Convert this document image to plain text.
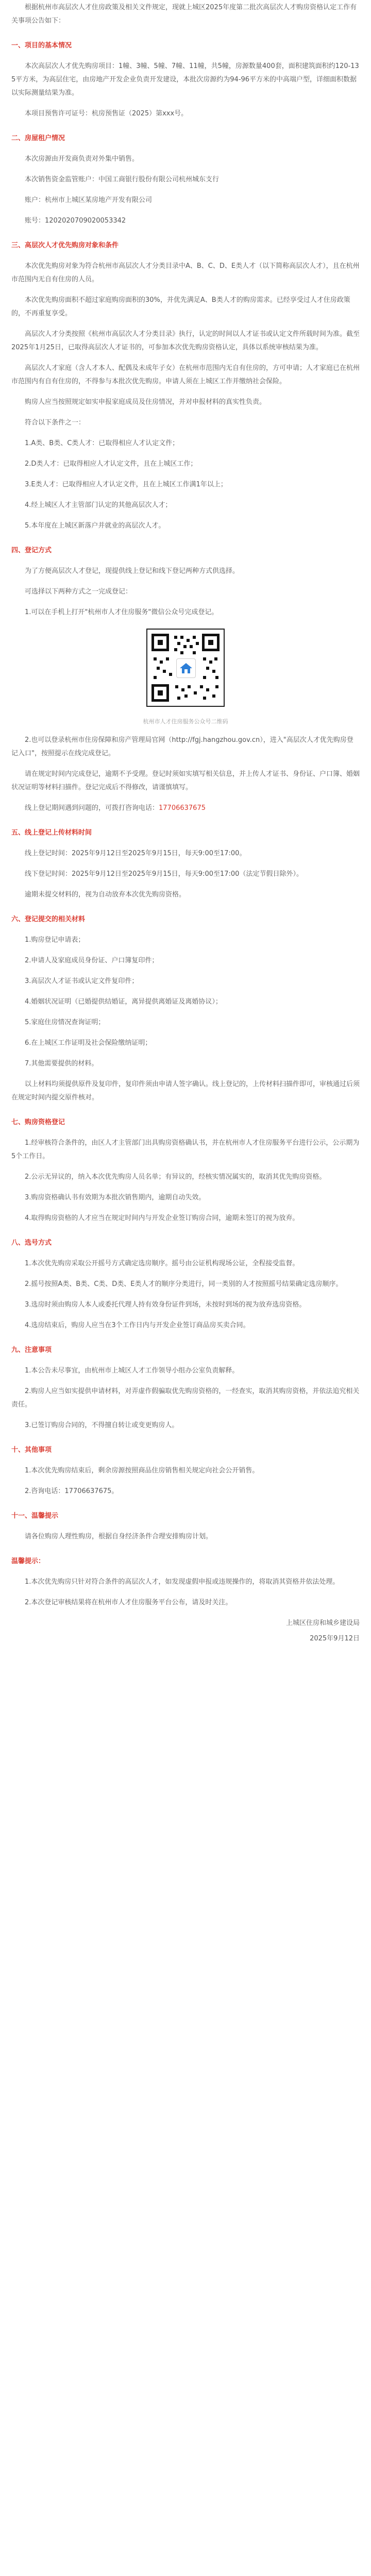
根据杭州市高层次人才住房政策及相关文件规定，现就上城区2025年度第二批次高层次人才购房资格认定工作有关事项公告如下：

一、项目的基本情况

本次高层次人才优先购房项目：1幢、3幢、5幢、7幢、11幢，共5幢，房源数量400套，面积建筑面积约120-135平方米，为高层住宅，由房地产开发企业负责开发建设，本批次房源约为94-96平方米的中高端户型，详细面积数据以实际测量结果为准。

本项目预售许可证号：杭房预售证（2025）第xxx号。

二、房屋租户情况

本次房源由开发商负责对外集中销售。

本次销售资金监管账户：中国工商银行股份有限公司杭州城东支行

账户：杭州市上城区某房地产开发有限公司

账号：1202020709020053342

三、高层次人才优先购房对象和条件

本次优先购房对象为符合杭州市高层次人才分类目录中A、B、C、D、E类人才（以下简称高层次人才），且在杭州市范围内无自有住房的人员。

本次优先购房面积不超过家庭购房面积的30%，并优先满足A、B类人才的购房需求。已经享受过人才住房政策的，不再重复享受。

高层次人才分类按照《杭州市高层次人才分类目录》执行，认定的时间以人才证书或认定文件所载时间为准。截至2025年1月25日，已取得高层次人才证书的，可参加本次优先购房资格认定，具体以系统审核结果为准。

高层次人才家庭（含人才本人、配偶及未成年子女）在杭州市范围内无自有住房的，方可申请；人才家庭已在杭州市范围内有自有住房的，不得参与本批次优先购房。申请人须在上城区工作并缴纳社会保险。

购房人应当按照规定如实申报家庭成员及住房情况，并对申报材料的真实性负责。

符合以下条件之一：

1.A类、B类、C类人才：已取得相应人才认定文件；

2.D类人才：已取得相应人才认定文件，且在上城区工作；

3.E类人才：已取得相应人才认定文件，且在上城区工作满1年以上；

4.经上城区人才主管部门认定的其他高层次人才；

5.本年度在上城区新落户并就业的高层次人才。

四、登记方式

为了方便高层次人才登记，现提供线上登记和线下登记两种方式供选择。

可选择以下两种方式之一完成登记：

1.可以在手机上打开"杭州市人才住房服务"微信公众号完成登记。

杭州市人才住房服务公众号二维码

2.也可以登录杭州市住房保障和房产管理局官网（http://fgj.hangzhou.gov.cn），进入"高层次人才优先购房登记入口"，按照提示在线完成登记。

请在规定时间内完成登记，逾期不予受理。登记时须如实填写相关信息，并上传人才证书、身份证、户口簿、婚姻状况证明等材料扫描件。登记完成后不得修改，请谨慎填写。

线上登记期间遇到问题的，可拨打咨询电话：17706637675

五、线上登记上传材料时间

线上登记时间：2025年9月12日至2025年9月15日，每天9:00至17:00。

线下登记时间：2025年9月12日至2025年9月15日，每天9:00至17:00（法定节假日除外）。

逾期未提交材料的，视为自动放弃本次优先购房资格。

六、登记提交的相关材料

1.购房登记申请表；

2.申请人及家庭成员身份证、户口簿复印件；

3.高层次人才证书或认定文件复印件；

4.婚姻状况证明（已婚提供结婚证，离异提供离婚证及离婚协议）；

5.家庭住房情况查询证明；

6.在上城区工作证明及社会保险缴纳证明；

7.其他需要提供的材料。

以上材料均须提供原件及复印件，复印件须由申请人签字确认。线上登记的，上传材料扫描件即可，审核通过后须在规定时间内提交原件核对。

七、购房资格登记

1.经审核符合条件的，由区人才主管部门出具购房资格确认书，并在杭州市人才住房服务平台进行公示，公示期为5个工作日。

2.公示无异议的，纳入本次优先购房人员名单；有异议的，经核实情况属实的，取消其优先购房资格。

3.购房资格确认书有效期为本批次销售期内，逾期自动失效。

4.取得购房资格的人才应当在规定时间内与开发企业签订购房合同，逾期未签订的视为放弃。

八、选号方式

1.本次优先购房采取公开摇号方式确定选房顺序。摇号由公证机构现场公证，全程接受监督。

2.摇号按照A类、B类、C类、D类、E类人才的顺序分类进行，同一类别的人才按照摇号结果确定选房顺序。

3.选房时须由购房人本人或委托代理人持有效身份证件到场，未按时到场的视为放弃选房资格。

4.选房结束后，购房人应当在3个工作日内与开发企业签订商品房买卖合同。

九、注意事项

1.本公告未尽事宜，由杭州市上城区人才工作领导小组办公室负责解释。

2.购房人应当如实提供申请材料，对弄虚作假骗取优先购房资格的，一经查实，取消其购房资格，并依法追究相关责任。

3.已签订购房合同的，不得擅自转让或变更购房人。

十、其他事项

1.本次优先购房结束后，剩余房源按照商品住房销售相关规定向社会公开销售。

2.咨询电话：17706637675。

十一、温馨提示

请各位购房人理性购房，根据自身经济条件合理安排购房计划。

温馨提示：

1.本次优先购房只针对符合条件的高层次人才，如发现虚假申报或违规操作的，将取消其资格并依法处理。

2.本次登记审核结果将在杭州市人才住房服务平台公布，请及时关注。

上城区住房和城乡建设局

2025年9月12日
